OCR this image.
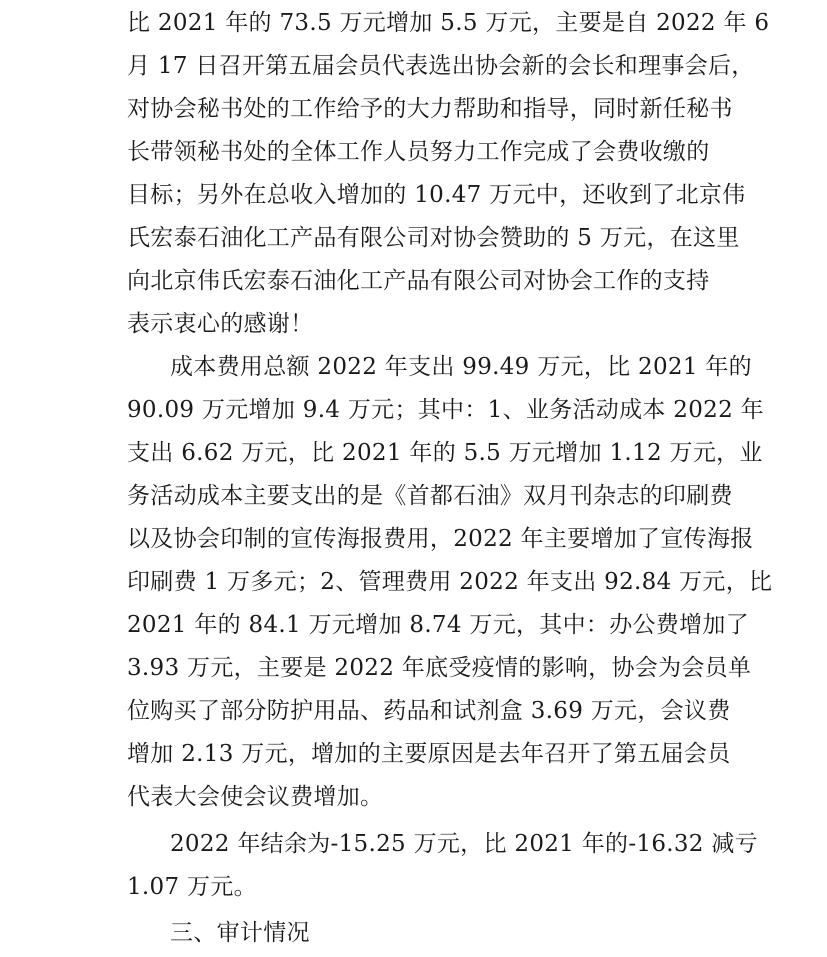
比 2021 年的 73.5 万元增加 5.5 万元，主要是自 2022 年 6
月 17 日召开第五届会员代表选出协会新的会长和理事会后，
对协会秘书处的工作给予的大力帮助和指导，同时新任秘书
长带领秘书处的全体工作人员努力工作完成了会费收缴的
目标；另外在总收入增加的 10.47 万元中，还收到了北京伟
氏宏泰石油化工产品有限公司对协会赞助的 5 万元，在这里
向北京伟氏宏泰石油化工产品有限公司对协会工作的支持
表示衷心的感谢！
成本费用总额 2022 年支出 99.49 万元，比 2021 年的
90.09 万元增加 9.4 万元；其中：1、业务活动成本 2022 年
支出 6.62 万元，比 2021 年的 5.5 万元增加 1.12 万元，业
务活动成本主要支出的是《首都石油》双月刊杂志的印刷费
以及协会印制的宣传海报费用，2022 年主要增加了宣传海报
印刷费 1 万多元；2、管理费用 2022 年支出 92.84 万元，比
2021 年的 84.1 万元增加 8.74 万元，其中：办公费增加了
3.93 万元，主要是 2022 年底受疫情的影响，协会为会员单
位购买了部分防护用品、药品和试剂盒 3.69 万元，会议费
增加 2.13 万元，增加的主要原因是去年召开了第五届会员
代表大会使会议费增加。
2022 年结余为-15.25 万元，比 2021 年的-16.32 减亏
1.07 万元。
三、审计情况
